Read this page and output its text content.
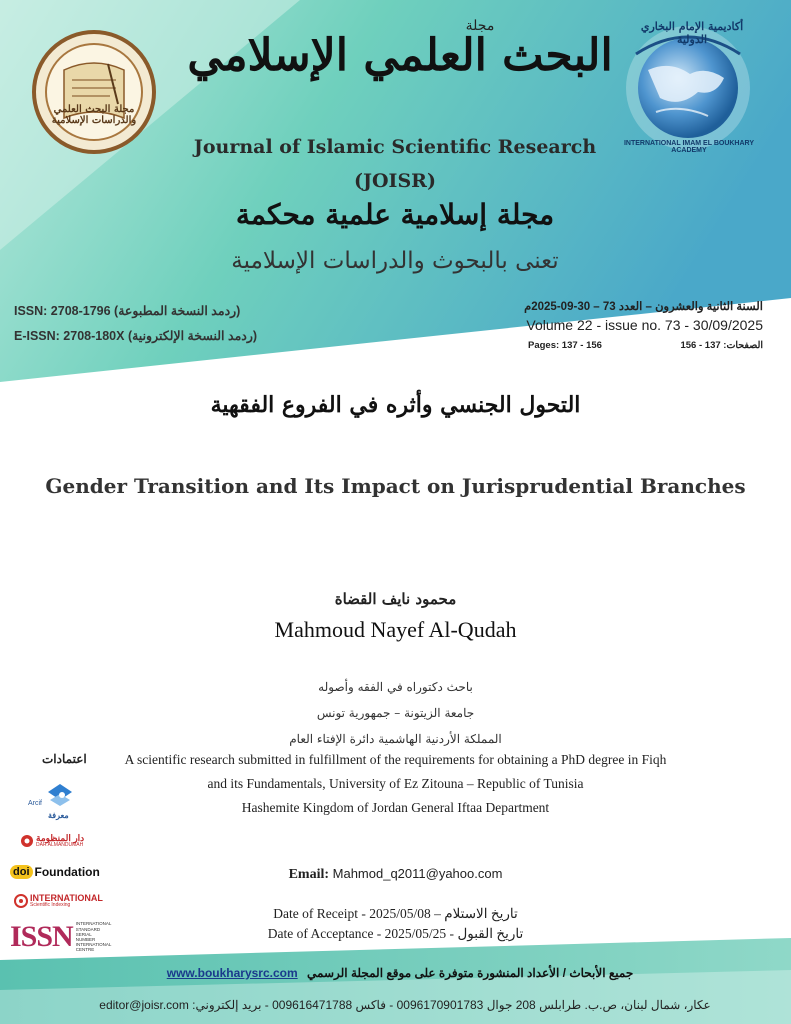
مجلة البحث العلمي والدراسات الإسلامية
أكاديمية الإمام البخاري الدولية
INTERNATIONAL IMAM EL BOUKHARY ACADEMY
مجلة
البحث العلمي الإسلامي
Journal of Islamic Scientific Research
(JOISR)
مجلة إسلامية علمية محكمة
تعنى بالبحوث والدراسات الإسلامية
ISSN: 2708-1796 (ردمد النسخة المطبوعة)
E-ISSN: 2708-180X (ردمد النسخة الإلكترونية)
السنة الثانية والعشرون – العدد 73 – 30-09-2025م
Volume 22 - issue no. 73 - 30/09/2025
Pages: 137 - 156	الصفحات: 137 - 156
التحول الجنسي وأثره في الفروع الفقهية
Gender Transition and Its Impact on Jurisprudential Branches
محمود نايف القضاة
Mahmoud Nayef Al-Qudah
باحث دكتوراه في الفقه وأصوله
جامعة الزيتونة – جمهورية تونس
المملكة الأردنية الهاشمية دائرة الإفتاء العام
A scientific research submitted in fulfillment of the requirements for obtaining a PhD degree in Fiqh
and its Fundamentals, University of Ez Zitouna – Republic of Tunisia
Hashemite Kingdom of Jordan General Iftaa Department
Email: Mahmod_q2011@yahoo.com
Date of Receipt - 2025/05/08 – تاريخ الاستلام
Date of Acceptance - 2025/05/25 - تاريخ القبول
اعتمادات
Arcif
معرفة
دار المنظومة
DAR ALMANDUMAH
doi Foundation
INTERNATIONAL
Scientific Indexing
ISSN INTERNATIONAL
STANDARD
SERIAL
NUMBER
INTERNATIONAL CENTRE
www.boukharysrc.com جميع الأبحاث / الأعداد المنشورة متوفرة على موقع المجلة الرسمي
عكار، شمال لبنان، ص.ب. طرابلس 208 جوال 0096170901783 - فاكس 009616471788 - بريد إلكتروني: editor@joisr.com
